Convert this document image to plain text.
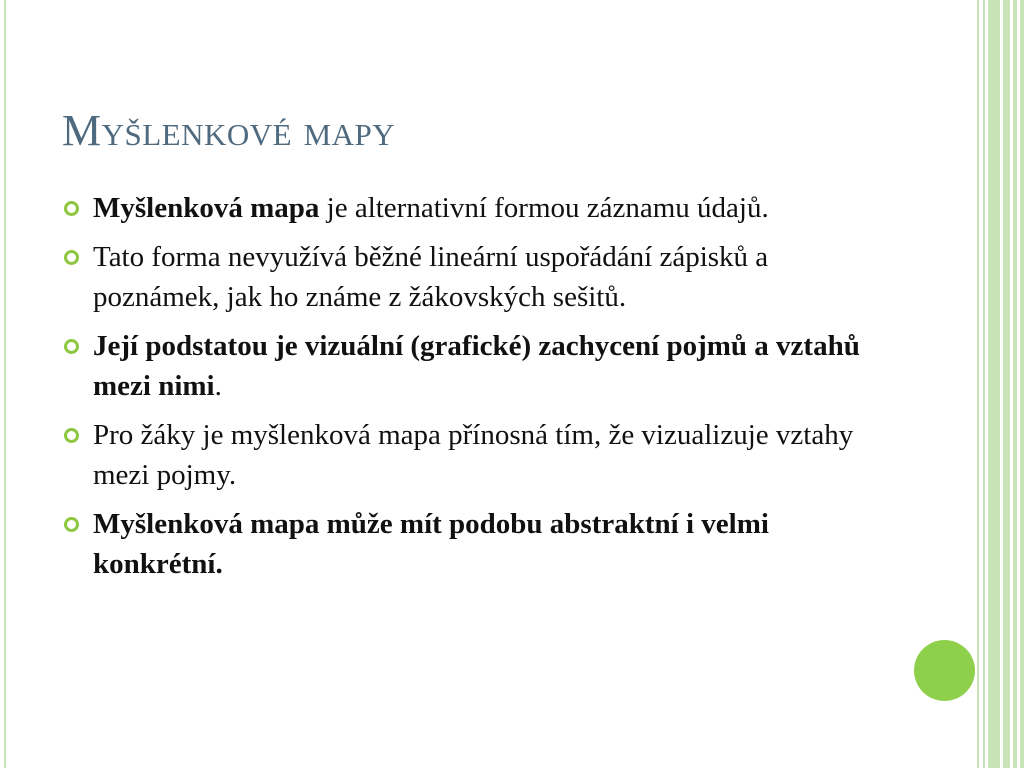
Myšlenkové mapy
Myšlenková mapa je alternativní formou záznamu údajů.
Tato forma nevyužívá běžné lineární uspořádání zápisků a poznámek, jak ho známe z žákovských sešitů.
Její podstatou je vizuální (grafické) zachycení pojmů a vztahů mezi nimi.
Pro žáky je myšlenková mapa přínosná tím, že vizualizuje vztahy mezi pojmy.
Myšlenková mapa může mít podobu abstraktní i velmi konkrétní.
